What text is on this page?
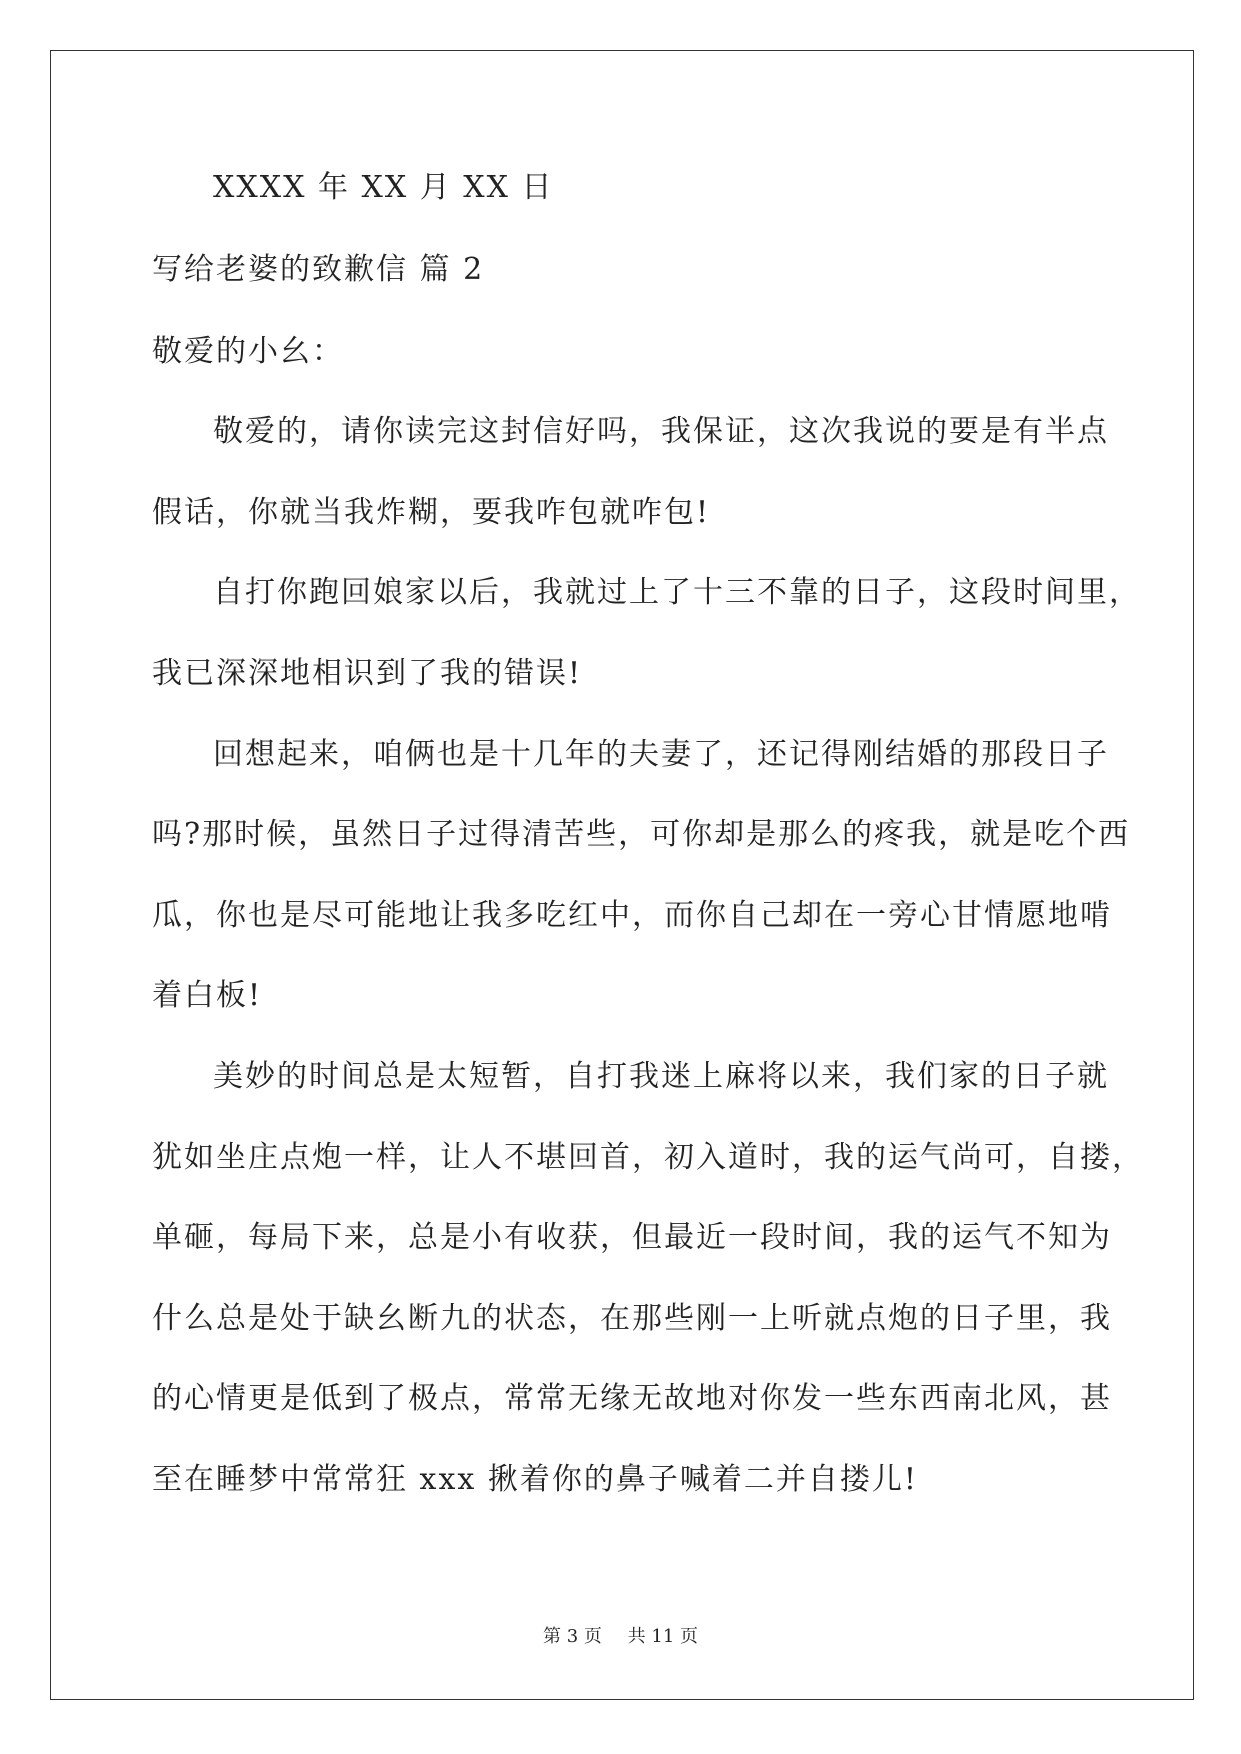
XXXX 年 XX 月 XX 日
写给老婆的致歉信 篇 2
敬爱的小幺：
敬爱的，请你读完这封信好吗，我保证，这次我说的要是有半点
假话，你就当我炸糊，要我咋包就咋包!
自打你跑回娘家以后，我就过上了十三不靠的日子，这段时间里，
我已深深地相识到了我的错误!
回想起来，咱俩也是十几年的夫妻了，还记得刚结婚的那段日子
吗?那时候，虽然日子过得清苦些，可你却是那么的疼我，就是吃个西
瓜，你也是尽可能地让我多吃红中，而你自己却在一旁心甘情愿地啃
着白板!
美妙的时间总是太短暂，自打我迷上麻将以来，我们家的日子就
犹如坐庄点炮一样，让人不堪回首，初入道时，我的运气尚可，自搂，
单砸，每局下来，总是小有收获，但最近一段时间，我的运气不知为
什么总是处于缺幺断九的状态，在那些刚一上听就点炮的日子里，我
的心情更是低到了极点，常常无缘无故地对你发一些东西南北风，甚
至在睡梦中常常狂 xxx 揪着你的鼻子喊着二并自搂儿!
第 3 页 共 11 页
